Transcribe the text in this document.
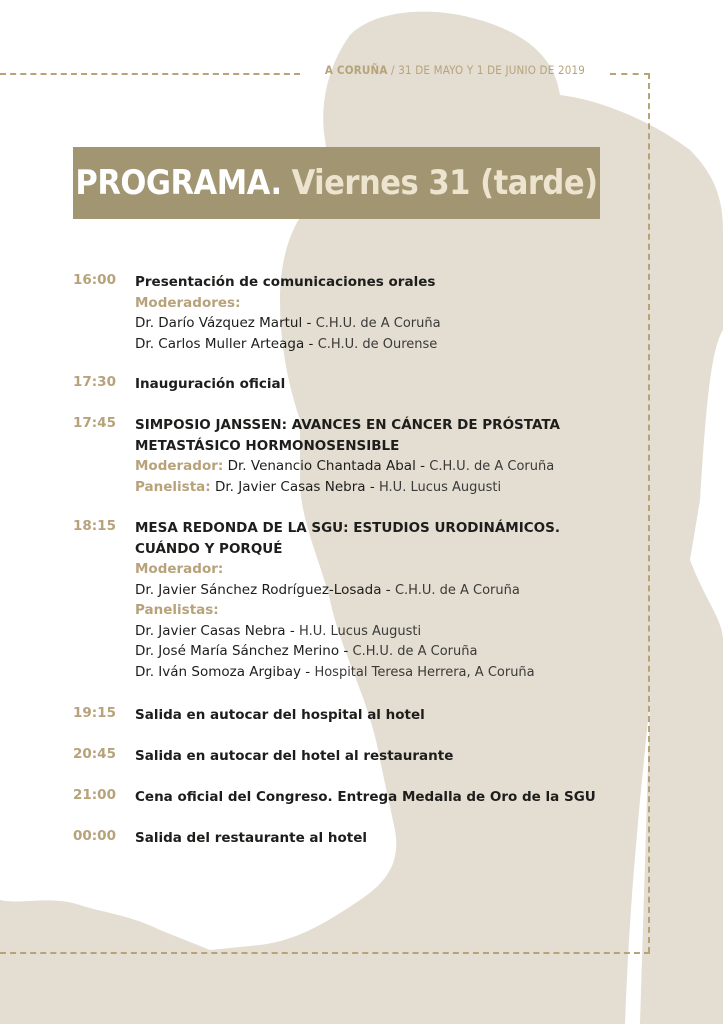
A CORUÑA / 31 DE MAYO Y 1 DE JUNIO DE 2019
PROGRAMA. Viernes 31 (tarde)
16:00	Presentación de comunicaciones orales
Moderadores:
Dr. Darío Vázquez Martul - C.H.U. de A Coruña
Dr. Carlos Muller Arteaga - C.H.U. de Ourense
17:30	Inauguración oficial
17:45	SIMPOSIO JANSSEN: AVANCES EN CÁNCER DE PRÓSTATA
METASTÁSICO HORMONOSENSIBLE
Moderador: Dr. Venancio Chantada Abal - C.H.U. de A Coruña
Panelista: Dr. Javier Casas Nebra - H.U. Lucus Augusti
18:15	MESA REDONDA DE LA SGU: ESTUDIOS URODINÁMICOS.
CUÁNDO Y PORQUÉ
Moderador:
Dr. Javier Sánchez Rodríguez-Losada - C.H.U. de A Coruña
Panelistas:
Dr. Javier Casas Nebra - H.U. Lucus Augusti
Dr. José María Sánchez Merino - C.H.U. de A Coruña
Dr. Iván Somoza Argibay - Hospital Teresa Herrera, A Coruña
19:15	Salida en autocar del hospital al hotel
20:45	Salida en autocar del hotel al restaurante
21:00	Cena oficial del Congreso. Entrega Medalla de Oro de la SGU
00:00	Salida del restaurante al hotel
